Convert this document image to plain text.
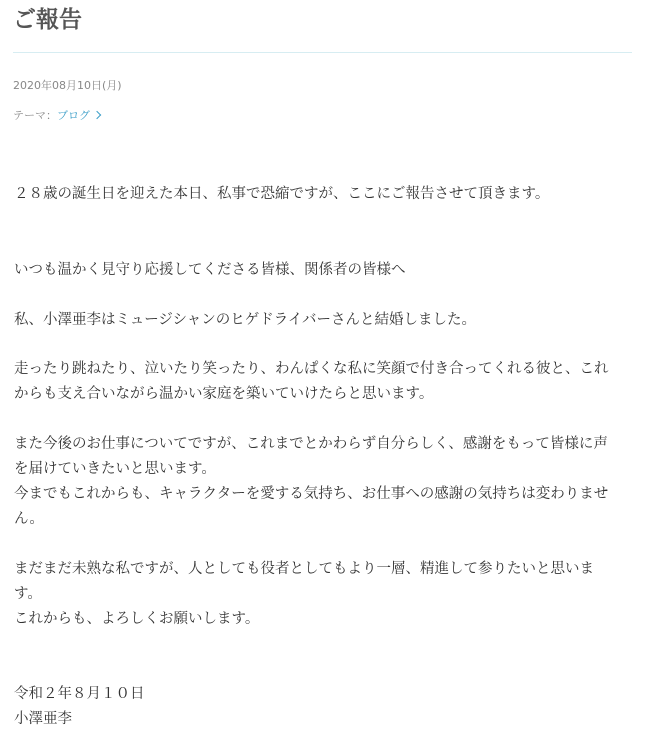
ご報告
2020年08月10日(月)
テーマ：ブログ

２８歳の誕生日を迎えた本日、私事で恐縮ですが、ここにご報告させて頂きます。

いつも温かく見守り応援してくださる皆様、関係者の皆様へ

私、小澤亜李はミュージシャンのヒゲドライバーさんと結婚しました。

走ったり跳ねたり、泣いたり笑ったり、わんぱくな私に笑顔で付き合ってくれる彼と、これ

からも支え合いながら温かい家庭を築いていけたらと思います。

また今後のお仕事についてですが、これまでとかわらず自分らしく、感謝をもって皆様に声

を届けていきたいと思います。

今までもこれからも、キャラクターを愛する気持ち、お仕事への感謝の気持ちは変わりませ

ん。

まだまだ未熟な私ですが、人としても役者としてもより一層、精進して参りたいと思いま

す。

これからも、よろしくお願いします。

令和２年８月１０日

小澤亜李
